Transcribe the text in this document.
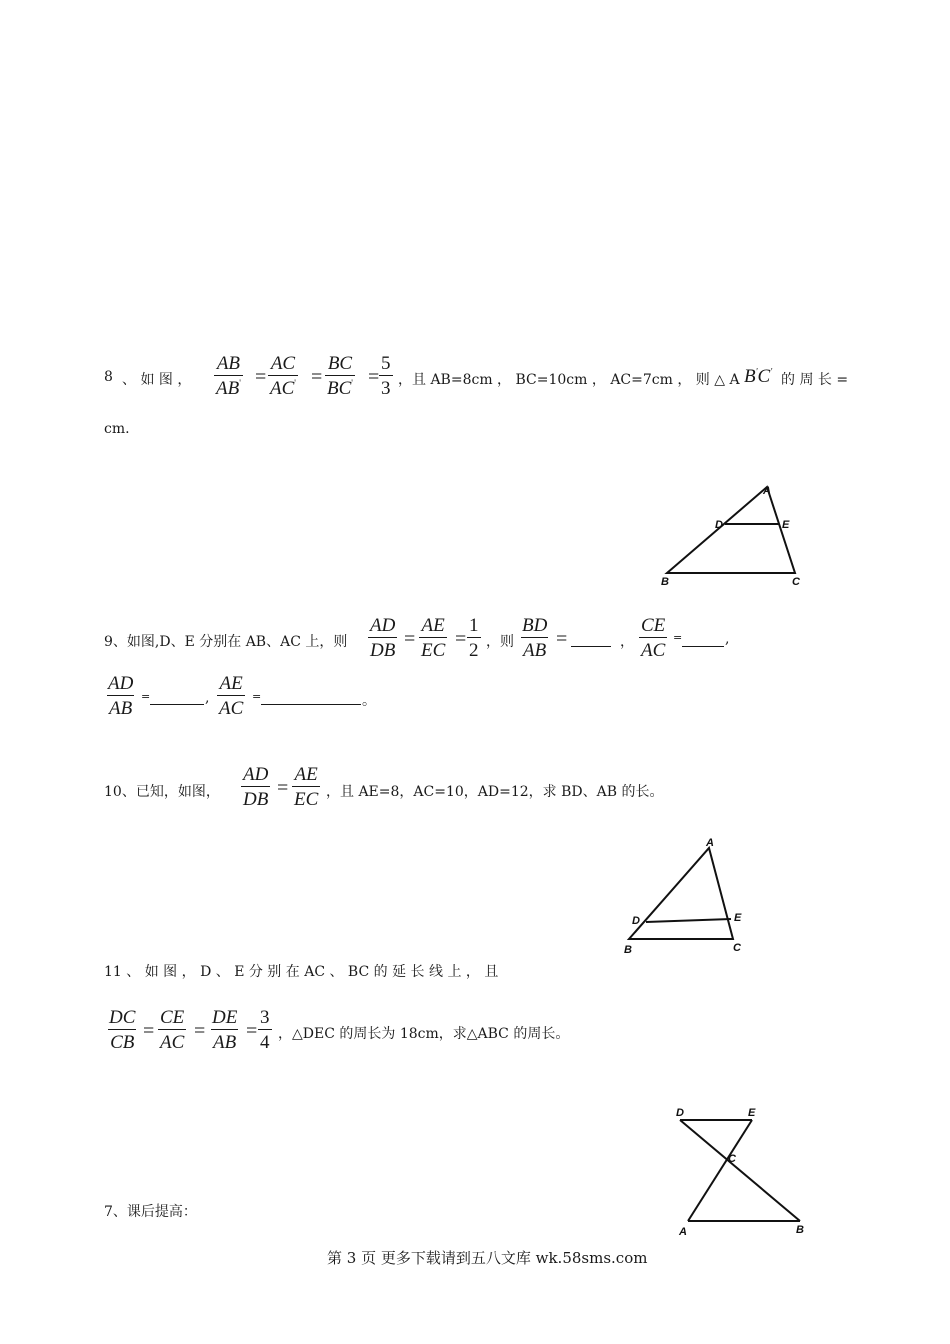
8 、 如 图 ， $\frac{AB}{AB'} = \frac{AC}{AC'} = \frac{BC}{BC'} = \frac{5}{3}$ ，且 AB=8cm ， BC=10cm ， AC=7cm ， 则 △ A B'C'
的 周 长 =
cm.
A
D	E
B	C
9、如图,D、E 分别在 AB、AC 上，则 $\frac{AD}{DB} = \frac{AE}{EC} = \frac{1}{2}$ ，则 $\frac{BD}{AB}$ =	， $\frac{CE}{AC}$ =	,
$\frac{AD}{AB}$ =	, $\frac{AE}{AC}$ =	。
10、已知，如图， $\frac{AD}{DB} = \frac{AE}{EC}$ ，且 AE=8，AC=10，AD=12，求 BD、AB 的长。
A
D	E
B	C
11 、 如 图 ， D 、 E 分 别 在 AC 、 BC 的 延 长 线 上 ， 且
$\frac{DC}{CB} = \frac{CE}{AC} = \frac{DE}{AB} = \frac{3}{4}$ ，△DEC 的周长为 18cm，求△ABC 的周长。
D	E
C
A	B
7、课后提高：
第 3 页 更多下载请到五八文库 wk.58sms.com
